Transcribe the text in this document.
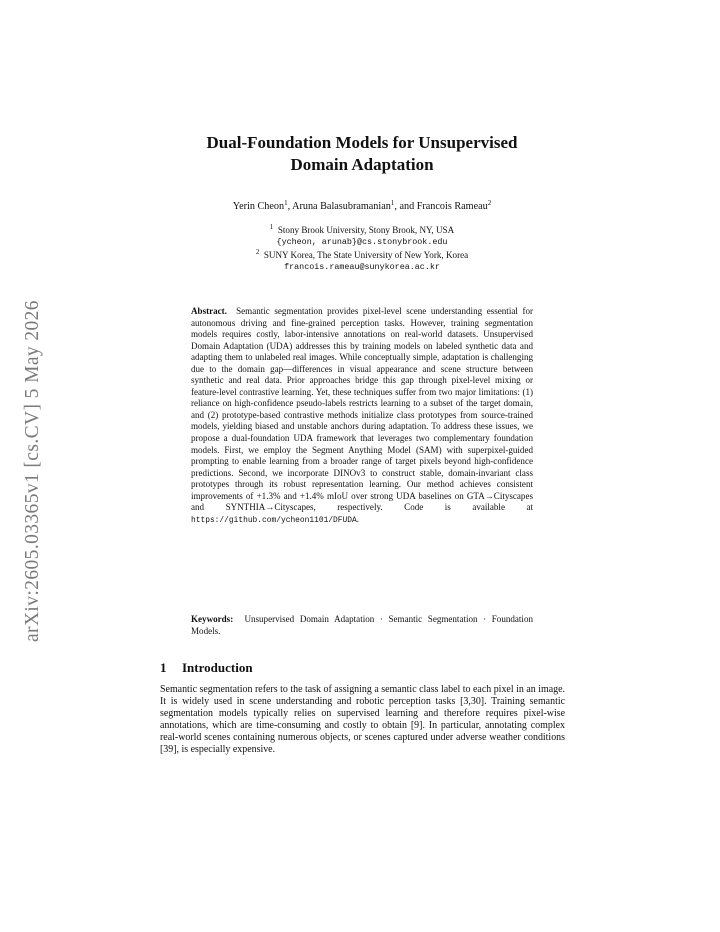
arXiv:2605.03365v1 [cs.CV] 5 May 2026
Dual-Foundation Models for Unsupervised
Domain Adaptation
Yerin Cheon$^1$, Aruna Balasubramanian$^1$, and Francois Rameau$^2$
$^1$ Stony Brook University, Stony Brook, NY, USA
{ycheon, arunab}@cs.stonybrook.edu
$^2$ SUNY Korea, The State University of New York, Korea
francois.rameau@sunykorea.ac.kr
Abstract. Semantic segmentation provides pixel-level scene understanding essential for autonomous driving and fine-grained perception tasks. However, training segmentation models requires costly, labor-intensive annotations on real-world datasets. Unsupervised Domain Adaptation (UDA) addresses this by training models on labeled synthetic data and adapting them to unlabeled real images. While conceptually simple, adaptation is challenging due to the domain gap—differences in visual appearance and scene structure between synthetic and real data. Prior approaches bridge this gap through pixel-level mixing or feature-level contrastive learning. Yet, these techniques suffer from two major limitations: (1) reliance on high-confidence pseudo-labels restricts learning to a subset of the target domain, and (2) prototype-based contrastive methods initialize class prototypes from source-trained models, yielding biased and unstable anchors during adaptation. To address these issues, we propose a dual-foundation UDA framework that leverages two complementary foundation models. First, we employ the Segment Anything Model (SAM) with superpixel-guided prompting to enable learning from a broader range of target pixels beyond high-confidence predictions. Second, we incorporate DINOv3 to construct stable, domain-invariant class prototypes through its robust representation learning. Our method achieves consistent improvements of +1.3% and +1.4% mIoU over strong UDA baselines on GTA→Cityscapes and SYNTHIA→Cityscapes, respectively. Code is available at https://github.com/ycheon1101/DFUDA.
Keywords: Unsupervised Domain Adaptation · Semantic Segmentation · Foundation Models.
1 Introduction
Semantic segmentation refers to the task of assigning a semantic class label to each pixel in an image. It is widely used in scene understanding and robotic perception tasks [3,30]. Training semantic segmentation models typically relies on supervised learning and therefore requires pixel-wise annotations, which are time-consuming and costly to obtain [9]. In particular, annotating complex real-world scenes containing numerous objects, or scenes captured under adverse weather conditions [39], is especially expensive.
